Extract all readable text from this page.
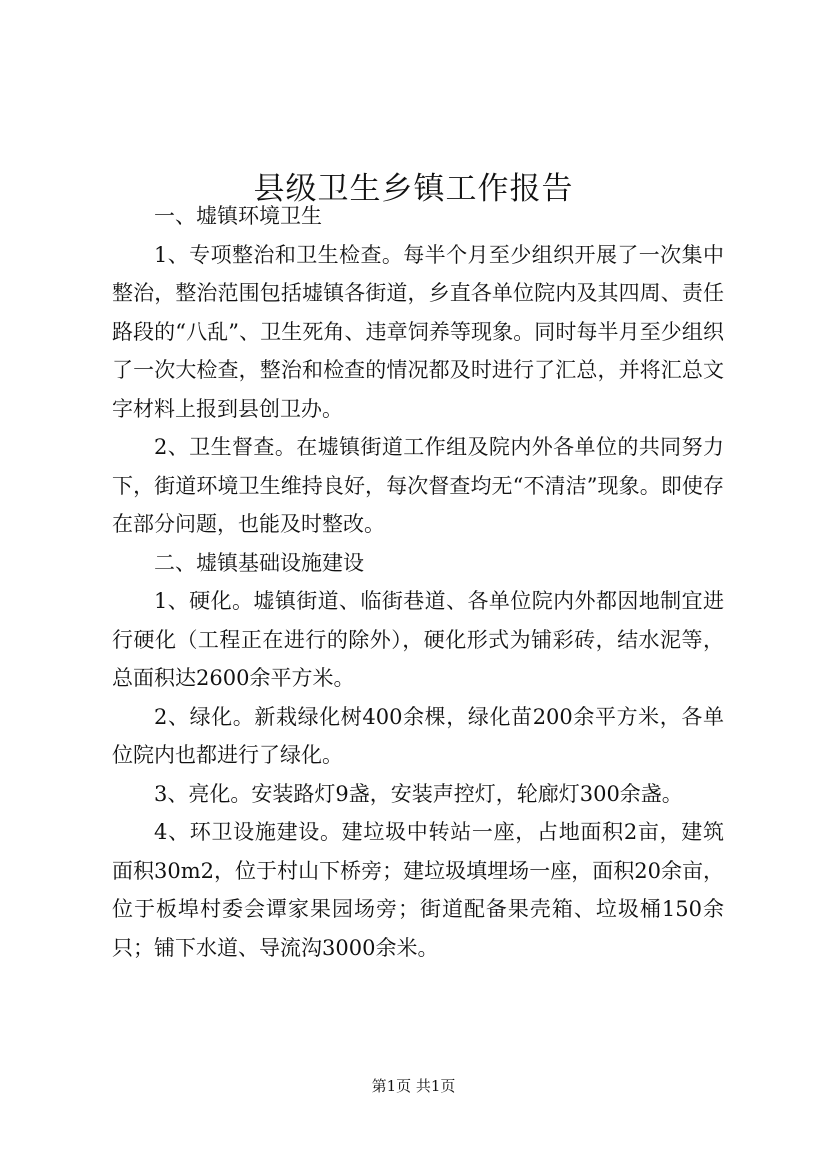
县级卫生乡镇工作报告

一、墟镇环境卫生

1、专项整治和卫生检查。每半个月至少组织开展了一次集中整治，整治范围包括墟镇各街道，乡直各单位院内及其四周、责任路段的“八乱”、卫生死角、违章饲养等现象。同时每半月至少组织了一次大检查，整治和检查的情况都及时进行了汇总，并将汇总文字材料上报到县创卫办。

2、卫生督查。在墟镇街道工作组及院内外各单位的共同努力下，街道环境卫生维持良好，每次督查均无“不清洁”现象。即使存在部分问题，也能及时整改。

二、墟镇基础设施建设

1、硬化。墟镇街道、临街巷道、各单位院内外都因地制宜进行硬化（工程正在进行的除外），硬化形式为铺彩砖，结水泥等，总面积达2600余平方米。

2、绿化。新栽绿化树400余棵，绿化苗200余平方米，各单位院内也都进行了绿化。

3、亮化。安装路灯9盏，安装声控灯，轮廊灯300余盏。

4、环卫设施建设。建垃圾中转站一座，占地面积2亩，建筑面积30m2，位于村山下桥旁；建垃圾填埋场一座，面积20余亩，位于板埠村委会谭家果园场旁；街道配备果壳箱、垃圾桶150余只；铺下水道、导流沟3000余米。

第1页 共1页
